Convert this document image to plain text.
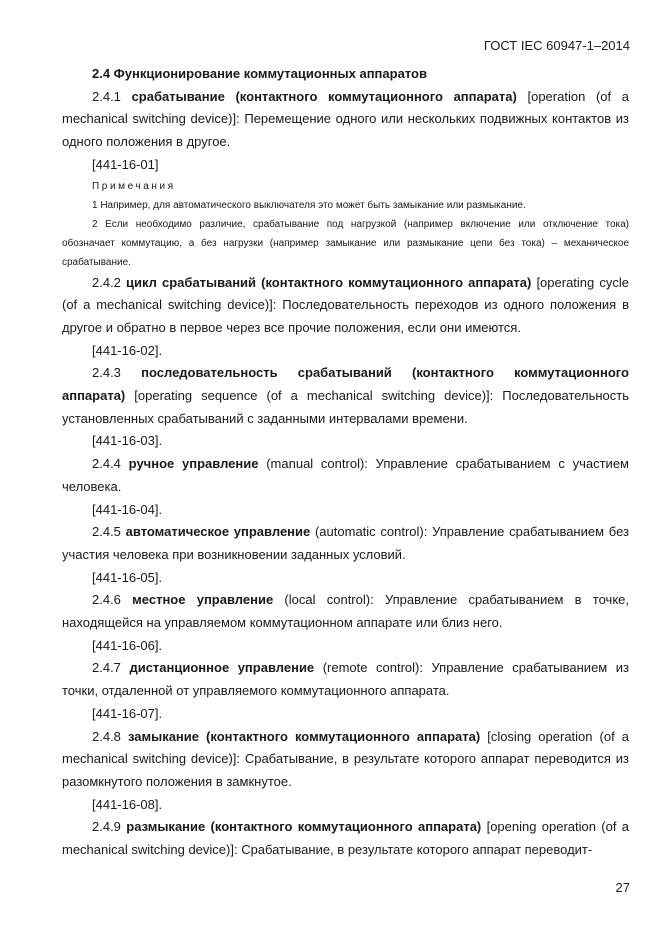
ГОСТ IEC 60947-1–2014

2.4 Функционирование коммутационных аппаратов

2.4.1 срабатывание (контактного коммутационного аппарата) [operation (of a mechanical switching device)]: Перемещение одного или нескольких подвижных контактов из одного положения в другое.

[441-16-01]

Примечания

1 Например, для автоматического выключателя это может быть замыкание или размыкание.

2 Если необходимо различие, срабатывание под нагрузкой (например включение или отключение тока) обозначает коммутацию, а без нагрузки (например замыкание или размыкание цепи без тока) – механическое срабатывание.

2.4.2 цикл срабатываний (контактного коммутационного аппарата) [operating cycle (of a mechanical switching device)]: Последовательность переходов из одного положения в другое и обратно в первое через все прочие положения, если они имеются.

[441-16-02].

2.4.3 последовательность срабатываний (контактного коммутационного аппарата) [operating sequence (of a mechanical switching device)]: Последовательность установленных срабатываний с заданными интервалами времени.

[441-16-03].

2.4.4 ручное управление (manual control): Управление срабатыванием с участием человека.

[441-16-04].

2.4.5 автоматическое управление (automatic control): Управление срабатыванием без участия человека при возникновении заданных условий.

[441-16-05].

2.4.6 местное управление (local control): Управление срабатыванием в точке, находящейся на управляемом коммутационном аппарате или близ него.

[441-16-06].

2.4.7 дистанционное управление (remote control): Управление срабатыванием из точки, отдаленной от управляемого коммутационного аппарата.

[441-16-07].

2.4.8 замыкание (контактного коммутационного аппарата) [closing operation (of a mechanical switching device)]: Срабатывание, в результате которого аппарат переводится из разомкнутого положения в замкнутое.

[441-16-08].

2.4.9 размыкание (контактного коммутационного аппарата) [opening operation (of a mechanical switching device)]: Срабатывание, в результате которого аппарат переводит-

27
